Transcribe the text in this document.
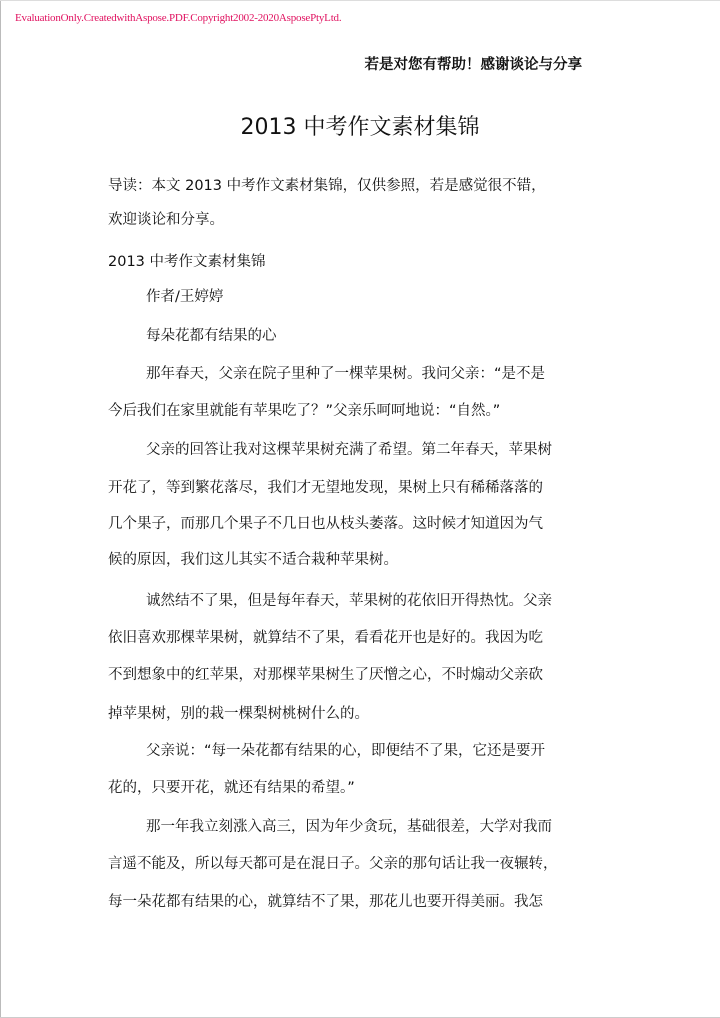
EvaluationOnly.CreatedwithAspose.PDF.Copyright2002-2020AsposePtyLtd.
若是对您有帮助！感谢谈论与分享
2013 中考作文素材集锦
导读：本文 2013 中考作文素材集锦，仅供参照，若是感觉很不错，
欢迎谈论和分享。
2013 中考作文素材集锦
作者/王婷婷
每朵花都有结果的心
那年春天，父亲在院子里种了一棵苹果树。我问父亲：“是不是
今后我们在家里就能有苹果吃了？”父亲乐呵呵地说：“自然。”
父亲的回答让我对这棵苹果树充满了希望。第二年春天，苹果树
开花了，等到繁花落尽，我们才无望地发现，果树上只有稀稀落落的
几个果子，而那几个果子不几日也从枝头萎落。这时候才知道因为气
候的原因，我们这儿其实不适合栽种苹果树。
诚然结不了果，但是每年春天，苹果树的花依旧开得热忱。父亲
依旧喜欢那棵苹果树，就算结不了果，看看花开也是好的。我因为吃
不到想象中的红苹果，对那棵苹果树生了厌憎之心，不时煽动父亲砍
掉苹果树，别的栽一棵梨树桃树什么的。
父亲说：“每一朵花都有结果的心，即便结不了果，它还是要开
花的，只要开花，就还有结果的希望。”
那一年我立刻涨入高三，因为年少贪玩，基础很差，大学对我而
言遥不能及，所以每天都可是在混日子。父亲的那句话让我一夜辗转，
每一朵花都有结果的心，就算结不了果，那花儿也要开得美丽。我怎
